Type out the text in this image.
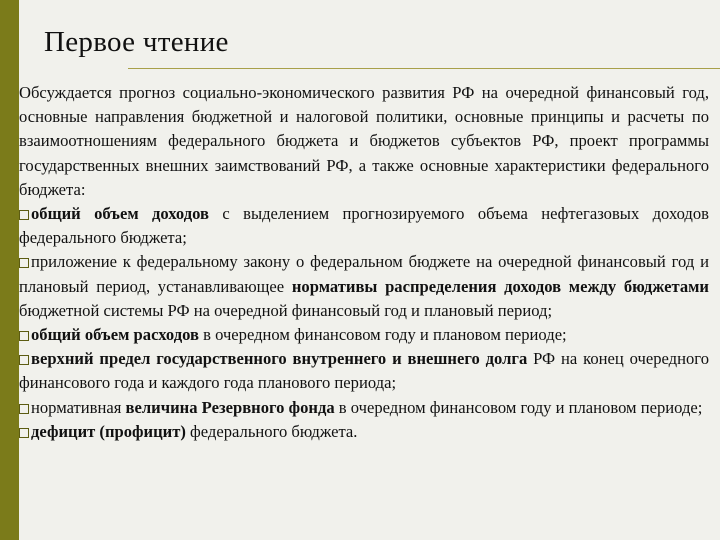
Первое чтение

Обсуждается прогноз социально-экономического развития РФ на очередной финансовый год, основные направления бюджетной и налоговой политики, основные принципы и расчеты по взаимоотношениям федерального бюджета и бюджетов субъектов РФ, проект программы государственных внешних заимствований РФ, а также основные характеристики федерального бюджета:

общий объем доходов с выделением прогнозируемого объема нефтегазовых доходов федерального бюджета;

приложение к федеральному закону о федеральном бюджете на очередной финансовый год и плановый период, устанавливающее нормативы распределения доходов между бюджетами бюджетной системы РФ на очередной финансовый год и плановый период;

общий объем расходов в очередном финансовом году и плановом периоде;

верхний предел государственного внутреннего и внешнего долга РФ на конец очередного финансового года и каждого года планового периода;

нормативная величина Резервного фонда в очередном финансовом году и плановом периоде;

дефицит (профицит) федерального бюджета.
